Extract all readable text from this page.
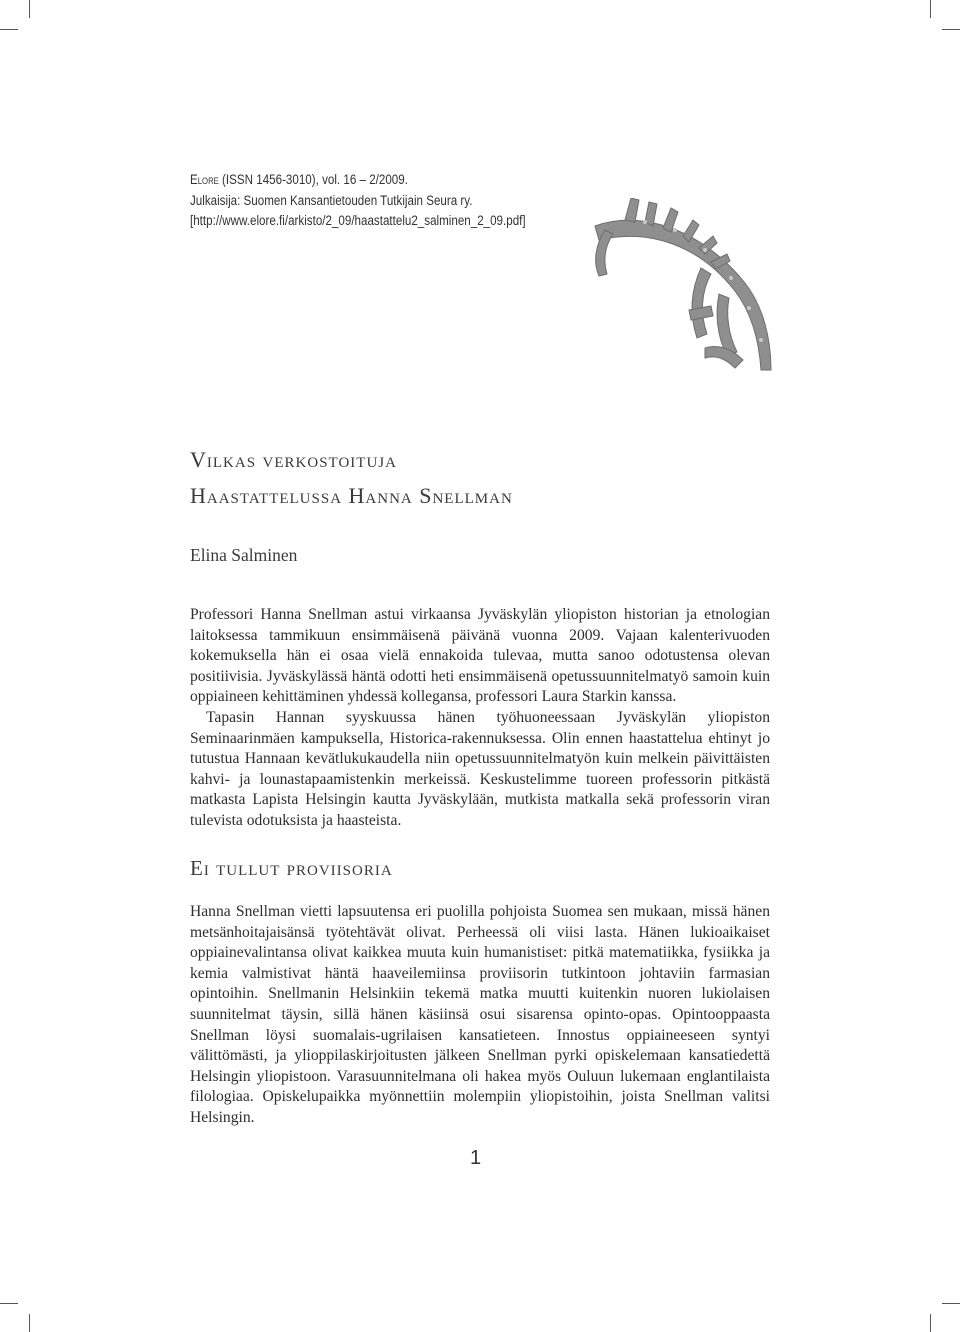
Elore (ISSN 1456-3010), vol. 16 – 2/2009.
Julkaisija: Suomen Kansantietouden Tutkijain Seura ry.
[http://www.elore.fi/arkisto/2_09/haastattelu2_salminen_2_09.pdf]
Vilkas verkostoituja
Haastattelussa Hanna Snellman
Elina Salminen

Professori Hanna Snellman astui virkaansa Jyväskylän yliopiston historian ja etnologian laitoksessa tammikuun ensimmäisenä päivänä vuonna 2009. Vajaan kalenterivuoden kokemuksella hän ei osaa vielä ennakoida tulevaa, mutta sanoo odotustensa olevan positiivisia. Jyväskylässä häntä odotti heti ensimmäisenä opetussuunnitelmatyö samoin kuin oppiaineen kehittäminen yhdessä kollegansa, professori Laura Starkin kanssa.

Tapasin Hannan syyskuussa hänen työhuoneessaan Jyväskylän yliopiston Seminaarinmäen kampuksella, Historica-rakennuksessa. Olin ennen haastattelua ehtinyt jo tutustua Hannaan kevätlukukaudella niin opetussuunnitelmatyön kuin melkein päivittäisten kahvi- ja lounastapaamistenkin merkeissä. Keskustelimme tuoreen professorin pitkästä matkasta Lapista Helsingin kautta Jyväskylään, mutkista matkalla sekä professorin viran tulevista odotuksista ja haasteista.

Ei tullut proviisoria

Hanna Snellman vietti lapsuutensa eri puolilla pohjoista Suomea sen mukaan, missä hänen metsänhoitajaisänsä työtehtävät olivat. Perheessä oli viisi lasta. Hänen lukioaikaiset oppiainevalintansa olivat kaikkea muuta kuin humanistiset: pitkä matematiikka, fysiikka ja kemia valmistivat häntä haaveilemiinsa proviisorin tutkintoon johtaviin farmasian opintoihin. Snellmanin Helsinkiin tekemä matka muutti kuitenkin nuoren lukiolaisen suunnitelmat täysin, sillä hänen käsiinsä osui sisarensa opinto-opas. Opintooppaasta Snellman löysi suomalais-ugrilaisen kansatieteen. Innostus oppiaineeseen syntyi välittömästi, ja ylioppilaskirjoitusten jälkeen Snellman pyrki opiskelemaan kansatiedettä Helsingin yliopistoon. Varasuunnitelmana oli hakea myös Ouluun lukemaan englantilaista filologiaa. Opiskelupaikka myönnettiin molempiin yliopistoihin, joista Snellman valitsi Helsingin.

1
